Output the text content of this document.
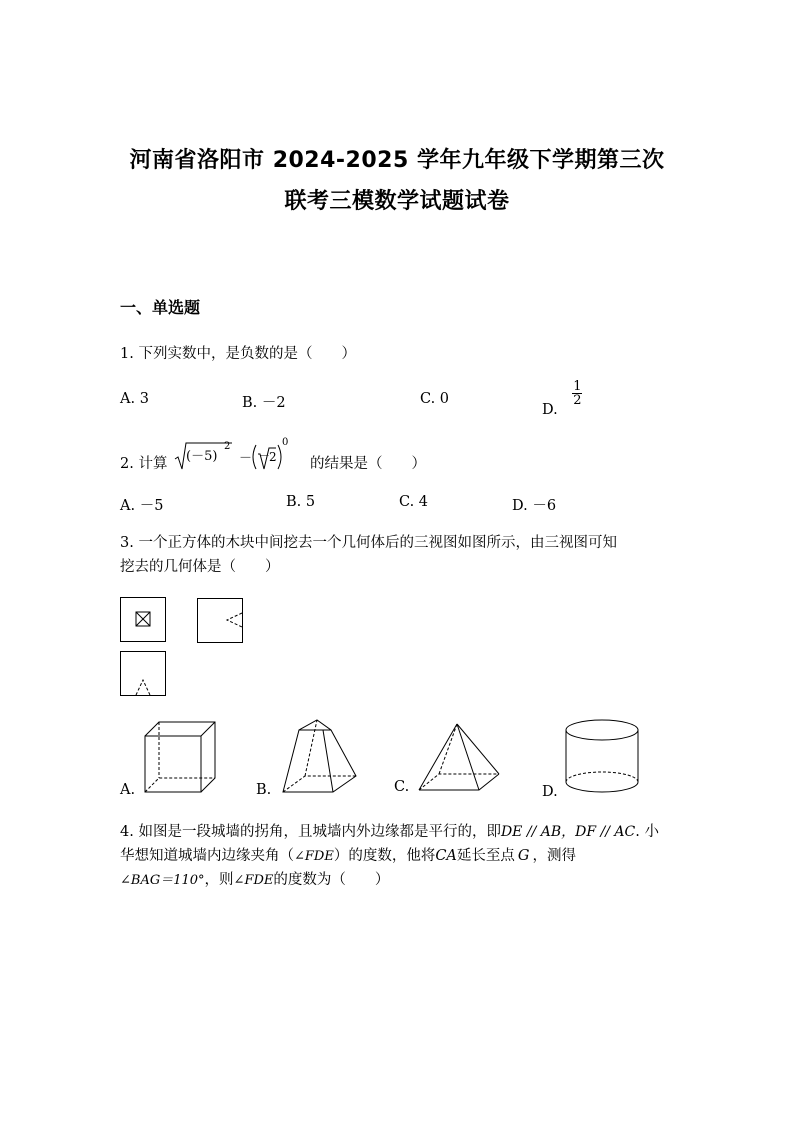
河南省洛阳市 2024-2025 学年九年级下学期第三次
联考三模数学试题试卷
一、单选题
1. 下列实数中，是负数的是（　　）
A. 3	B. －2	C. 0
D.
$\frac{1}{2}$
2. 计算 (－5)
2
－ － 2
0
的结果是（　　）
A. －5	B. 5	C. 4	D. －6
3. 一个正方体的木块中间挖去一个几何体后的三视图如图所示，由三视图可知
挖去的几何体是（　　）
A.	B.	C.	D.
4. 如图是一段城墙的拐角，且城墙内外边缘都是平行的，即DE // AB，DF // AC. 小
华想知道城墙内边缘夹角（∠FDE）的度数，他将CA延长至点 G ，测得
∠BAG＝110°，则∠FDE的度数为（　　）
